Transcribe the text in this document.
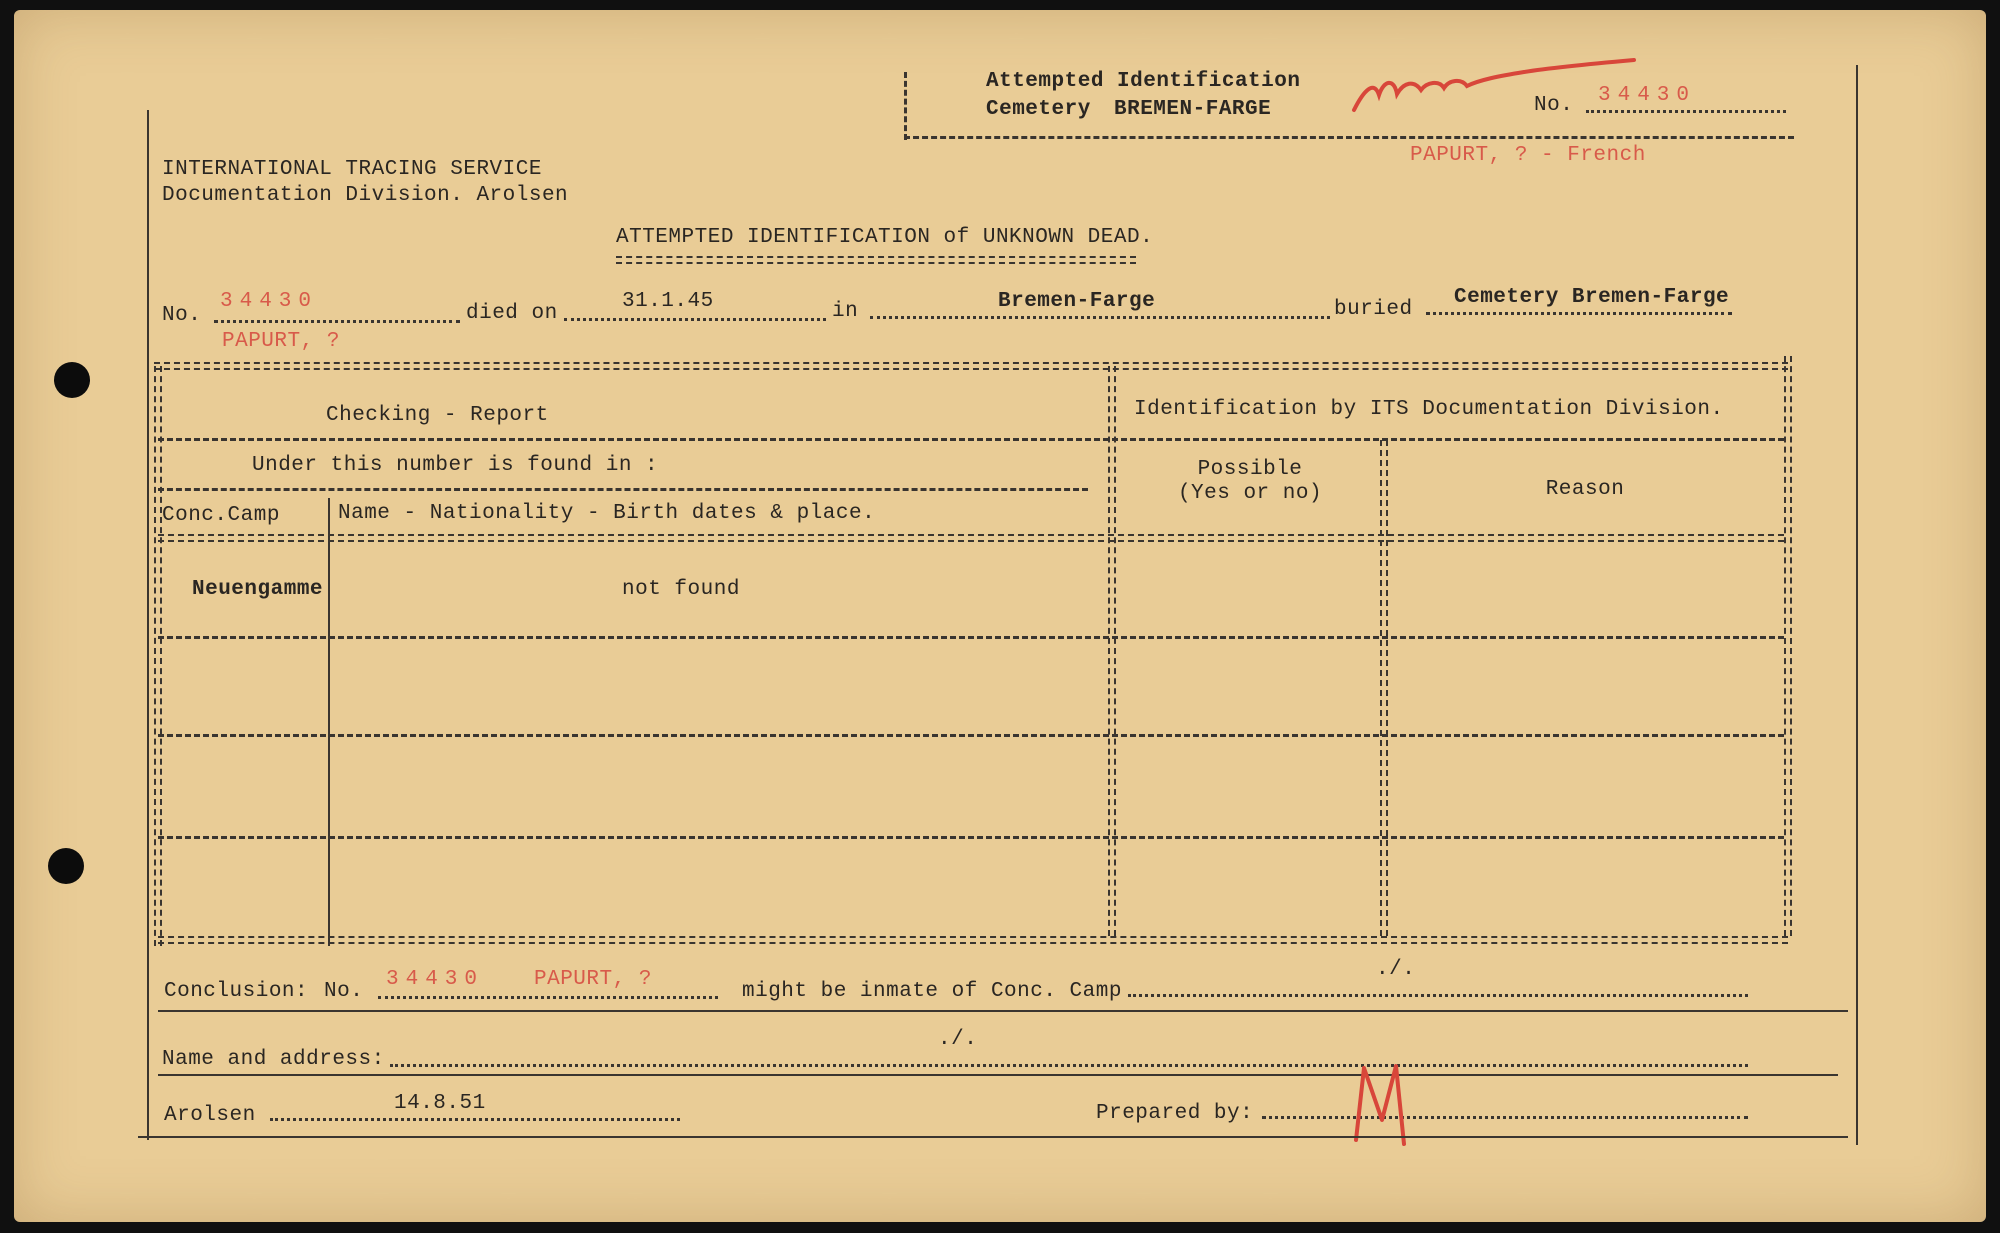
Attempted Identification
Cemetery BREMEN-FARGE
none
No. 34430
PAPURT, ? - French
INTERNATIONAL TRACING SERVICE
Documentation Division. Arolsen
ATTEMPTED IDENTIFICATION of UNKNOWN DEAD.
No.
34430
PAPURT, ?
died on
31.1.45	in	Bremen-Farge	buried
Cemetery Bremen-Farge
Checking - Report	Identification by ITS Documentation Division.
Under this number is found in :
Conc.Camp	Name - Nationality - Birth dates & place.
Possible
(Yes or no)	Reason
Neuengamme	not found
Conclusion: No.
34430 PAPURT, ?
might be inmate of Conc. Camp
./.
Name and address:
./.
Arolsen
14.8.51	Prepared by:
M
